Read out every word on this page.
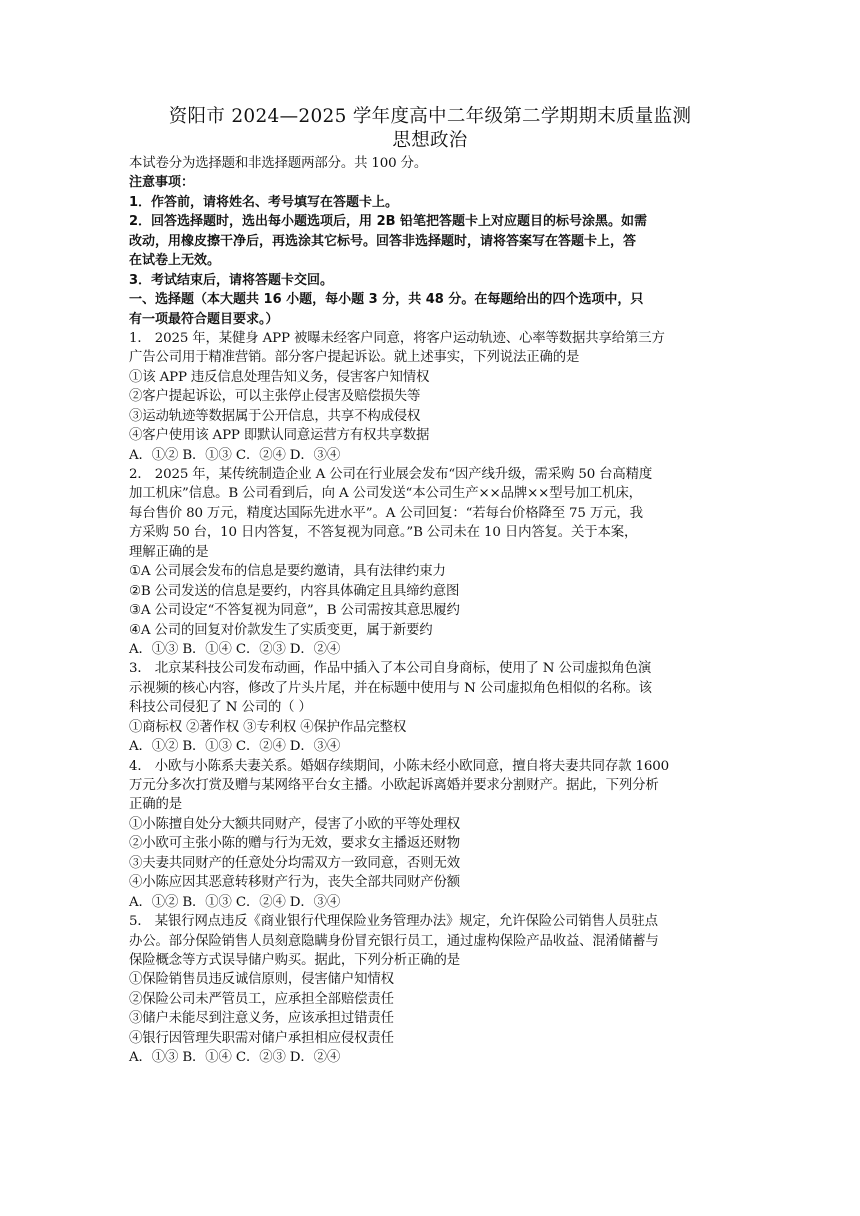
资阳市 2024—2025 学年度高中二年级第二学期期末质量监测
思想政治
本试卷分为选择题和非选择题两部分。共 100 分。
注意事项：
1．作答前，请将姓名、考号填写在答题卡上。
2．回答选择题时，选出每小题选项后，用 2B 铅笔把答题卡上对应题目的标号涂黑。如需
改动，用橡皮擦干净后，再选涂其它标号。回答非选择题时，请将答案写在答题卡上，答
在试卷上无效。
3．考试结束后，请将答题卡交回。
一、选择题（本大题共 16 小题，每小题 3 分，共 48 分。在每题给出的四个选项中，只
有一项最符合题目要求。）
1． 2025 年，某健身 APP 被曝未经客户同意，将客户运动轨迹、心率等数据共享给第三方
广告公司用于精准营销。部分客户提起诉讼。就上述事实，下列说法正确的是
①该 APP 违反信息处理告知义务，侵害客户知情权
②客户提起诉讼，可以主张停止侵害及赔偿损失等
③运动轨迹等数据属于公开信息，共享不构成侵权
④客户使用该 APP 即默认同意运营方有权共享数据
A．①② B．①③ C．②④ D．③④
2． 2025 年，某传统制造企业 A 公司在行业展会发布“因产线升级，需采购 50 台高精度
加工机床”信息。B 公司看到后，向 A 公司发送“本公司生产××品牌××型号加工机床，
每台售价 80 万元，精度达国际先进水平”。A 公司回复：“若每台价格降至 75 万元，我
方采购 50 台，10 日内答复，不答复视为同意。”B 公司未在 10 日内答复。关于本案，
理解正确的是
①A 公司展会发布的信息是要约邀请，具有法律约束力
②B 公司发送的信息是要约，内容具体确定且具缔约意图
③A 公司设定“不答复视为同意”，B 公司需按其意思履约
④A 公司的回复对价款发生了实质变更，属于新要约
A．①③ B．①④ C．②③ D．②④
3． 北京某科技公司发布动画，作品中插入了本公司自身商标，使用了 N 公司虚拟角色演
示视频的核心内容，修改了片头片尾，并在标题中使用与 N 公司虚拟角色相似的名称。该
科技公司侵犯了 N 公司的（ ）
①商标权 ②著作权 ③专利权 ④保护作品完整权
A．①② B．①③ C．②④ D．③④
4． 小欧与小陈系夫妻关系。婚姻存续期间，小陈未经小欧同意，擅自将夫妻共同存款 1600
万元分多次打赏及赠与某网络平台女主播。小欧起诉离婚并要求分割财产。据此，下列分析
正确的是
①小陈擅自处分大额共同财产，侵害了小欧的平等处理权
②小欧可主张小陈的赠与行为无效，要求女主播返还财物
③夫妻共同财产的任意处分均需双方一致同意，否则无效
④小陈应因其恶意转移财产行为，丧失全部共同财产份额
A．①② B．①③ C．②④ D．③④
5． 某银行网点违反《商业银行代理保险业务管理办法》规定，允许保险公司销售人员驻点
办公。部分保险销售人员刻意隐瞒身份冒充银行员工，通过虚构保险产品收益、混淆储蓄与
保险概念等方式误导储户购买。据此，下列分析正确的是
①保险销售员违反诚信原则，侵害储户知情权
②保险公司未严管员工，应承担全部赔偿责任
③储户未能尽到注意义务，应该承担过错责任
④银行因管理失职需对储户承担相应侵权责任
A．①③ B．①④ C．②③ D．②④
